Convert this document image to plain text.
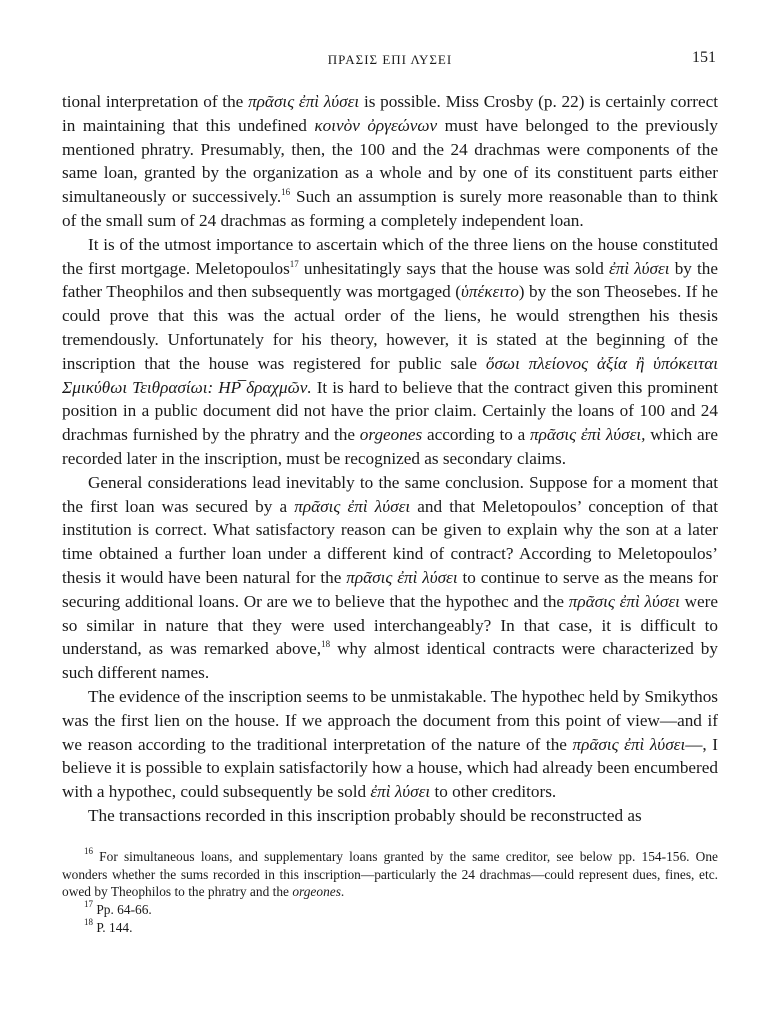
ΠΡΑΣΙΣ ΕΠΙ ΛΥΣΕΙ	151

tional interpretation of the πρᾶσις ἐπὶ λύσει is possible. Miss Crosby (p. 22) is certainly correct in maintaining that this undefined κοινὸν ὀργεώνων must have belonged to the previously mentioned phratry. Presumably, then, the 100 and the 24 drachmas were components of the same loan, granted by the organization as a whole and by one of its constituent parts either simultaneously or successively.$^{16}$ Such an assumption is surely more reasonable than to think of the small sum of 24 drachmas as forming a completely independent loan.

It is of the utmost importance to ascertain which of the three liens on the house constituted the first mortgage. Meletopoulos$^{17}$ unhesitatingly says that the house was sold ἐπὶ λύσει by the father Theophilos and then subsequently was mortgaged (ὑπέκειτο) by the son Theosebes. If he could prove that this was the actual order of the liens, he would strengthen his thesis tremendously. Unfortunately for his theory, however, it is stated at the beginning of the inscription that the house was registered for public sale ὅσωι πλείονος ἀξία ἢ ὑπόκειται Σμικύθωι Τειθρασίωι: ΗΡ̅ δραχμῶν. It is hard to believe that the contract given this prominent position in a public document did not have the prior claim. Certainly the loans of 100 and 24 drachmas furnished by the phratry and the orgeones according to a πρᾶσις ἐπὶ λύσει, which are recorded later in the inscription, must be recognized as secondary claims.

General considerations lead inevitably to the same conclusion. Suppose for a moment that the first loan was secured by a πρᾶσις ἐπὶ λύσει and that Meletopoulos’ conception of that institution is correct. What satisfactory reason can be given to explain why the son at a later time obtained a further loan under a different kind of contract? According to Meletopoulos’ thesis it would have been natural for the πρᾶσις ἐπὶ λύσει to continue to serve as the means for securing additional loans. Or are we to believe that the hypothec and the πρᾶσις ἐπὶ λύσει were so similar in nature that they were used interchangeably? In that case, it is difficult to understand, as was remarked above,$^{18}$ why almost identical contracts were characterized by such different names.

The evidence of the inscription seems to be unmistakable. The hypothec held by Smikythos was the first lien on the house. If we approach the document from this point of view—and if we reason according to the traditional interpretation of the nature of the πρᾶσις ἐπὶ λύσει—, I believe it is possible to explain satisfactorily how a house, which had already been encumbered with a hypothec, could subsequently be sold ἐπὶ λύσει to other creditors.

The transactions recorded in this inscription probably should be reconstructed as

$^{16}$ For simultaneous loans, and supplementary loans granted by the same creditor, see below pp. 154-156. One wonders whether the sums recorded in this inscription—particularly the 24 drachmas—could represent dues, fines, etc. owed by Theophilos to the phratry and the orgeones.

$^{17}$ Pp. 64-66.

$^{18}$ P. 144.
